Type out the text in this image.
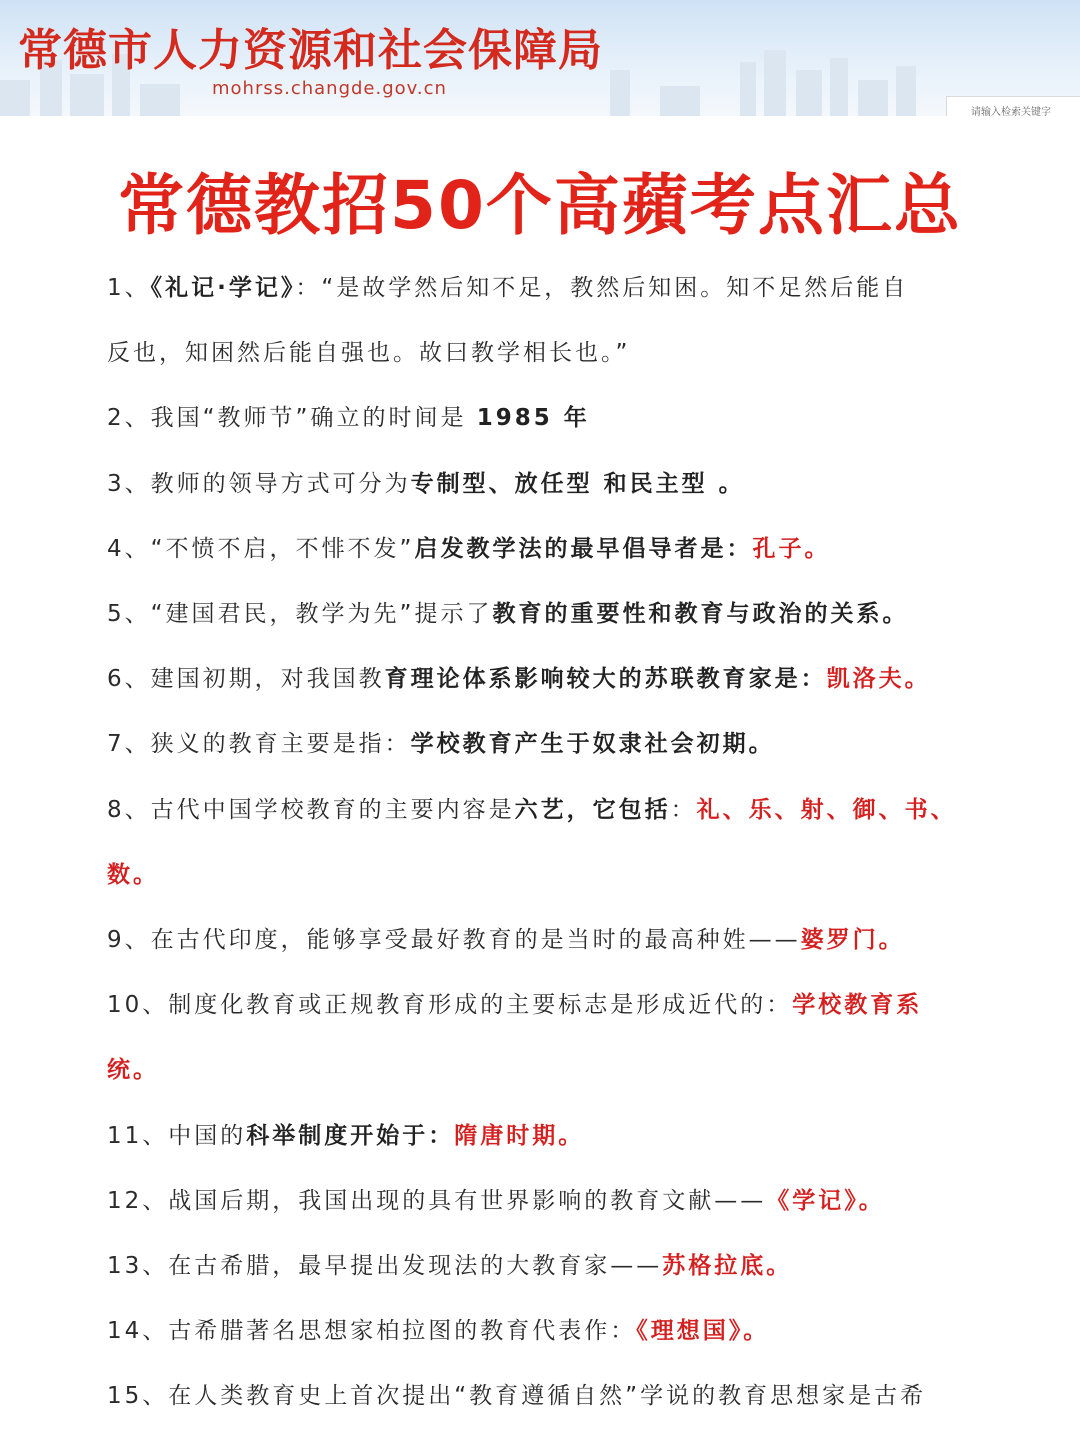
常德市人力资源和社会保障局
mohrss.changde.gov.cn
请输入检索关键字
常德教招50个高蘋考点汇总
1、《礼记·学记》：“是故学然后知不足，教然后知困。知不足然后能自
反也，知困然后能自强也。故曰教学相长也。”
2、我国“教师节”确立的时间是 1985 年
3、教师的领导方式可分为专制型、放任型 和民主型 。
4、“不愤不启，不悱不发”启发教学法的最早倡导者是：孔子。
5、“建国君民，教学为先”提示了教育的重要性和教育与政治的关系。
6、建国初期，对我国教育理论体系影响较大的苏联教育家是：凯洛夫。
7、狭义的教育主要是指：学校教育产生于奴隶社会初期。
8、古代中国学校教育的主要内容是六艺，它包括：礼、乐、射、御、书、
数。
9、在古代印度，能够享受最好教育的是当时的最高种姓——婆罗门。
10、制度化教育或正规教育形成的主要标志是形成近代的：学校教育系
统。
11、中国的科举制度开始于：隋唐时期。
12、战国后期，我国出现的具有世界影响的教育文献——《学记》。
13、在古希腊，最早提出发现法的大教育家——苏格拉底。
14、古希腊著名思想家柏拉图的教育代表作：《理想国》。
15、在人类教育史上首次提出“教育遵循自然”学说的教育思想家是古希
